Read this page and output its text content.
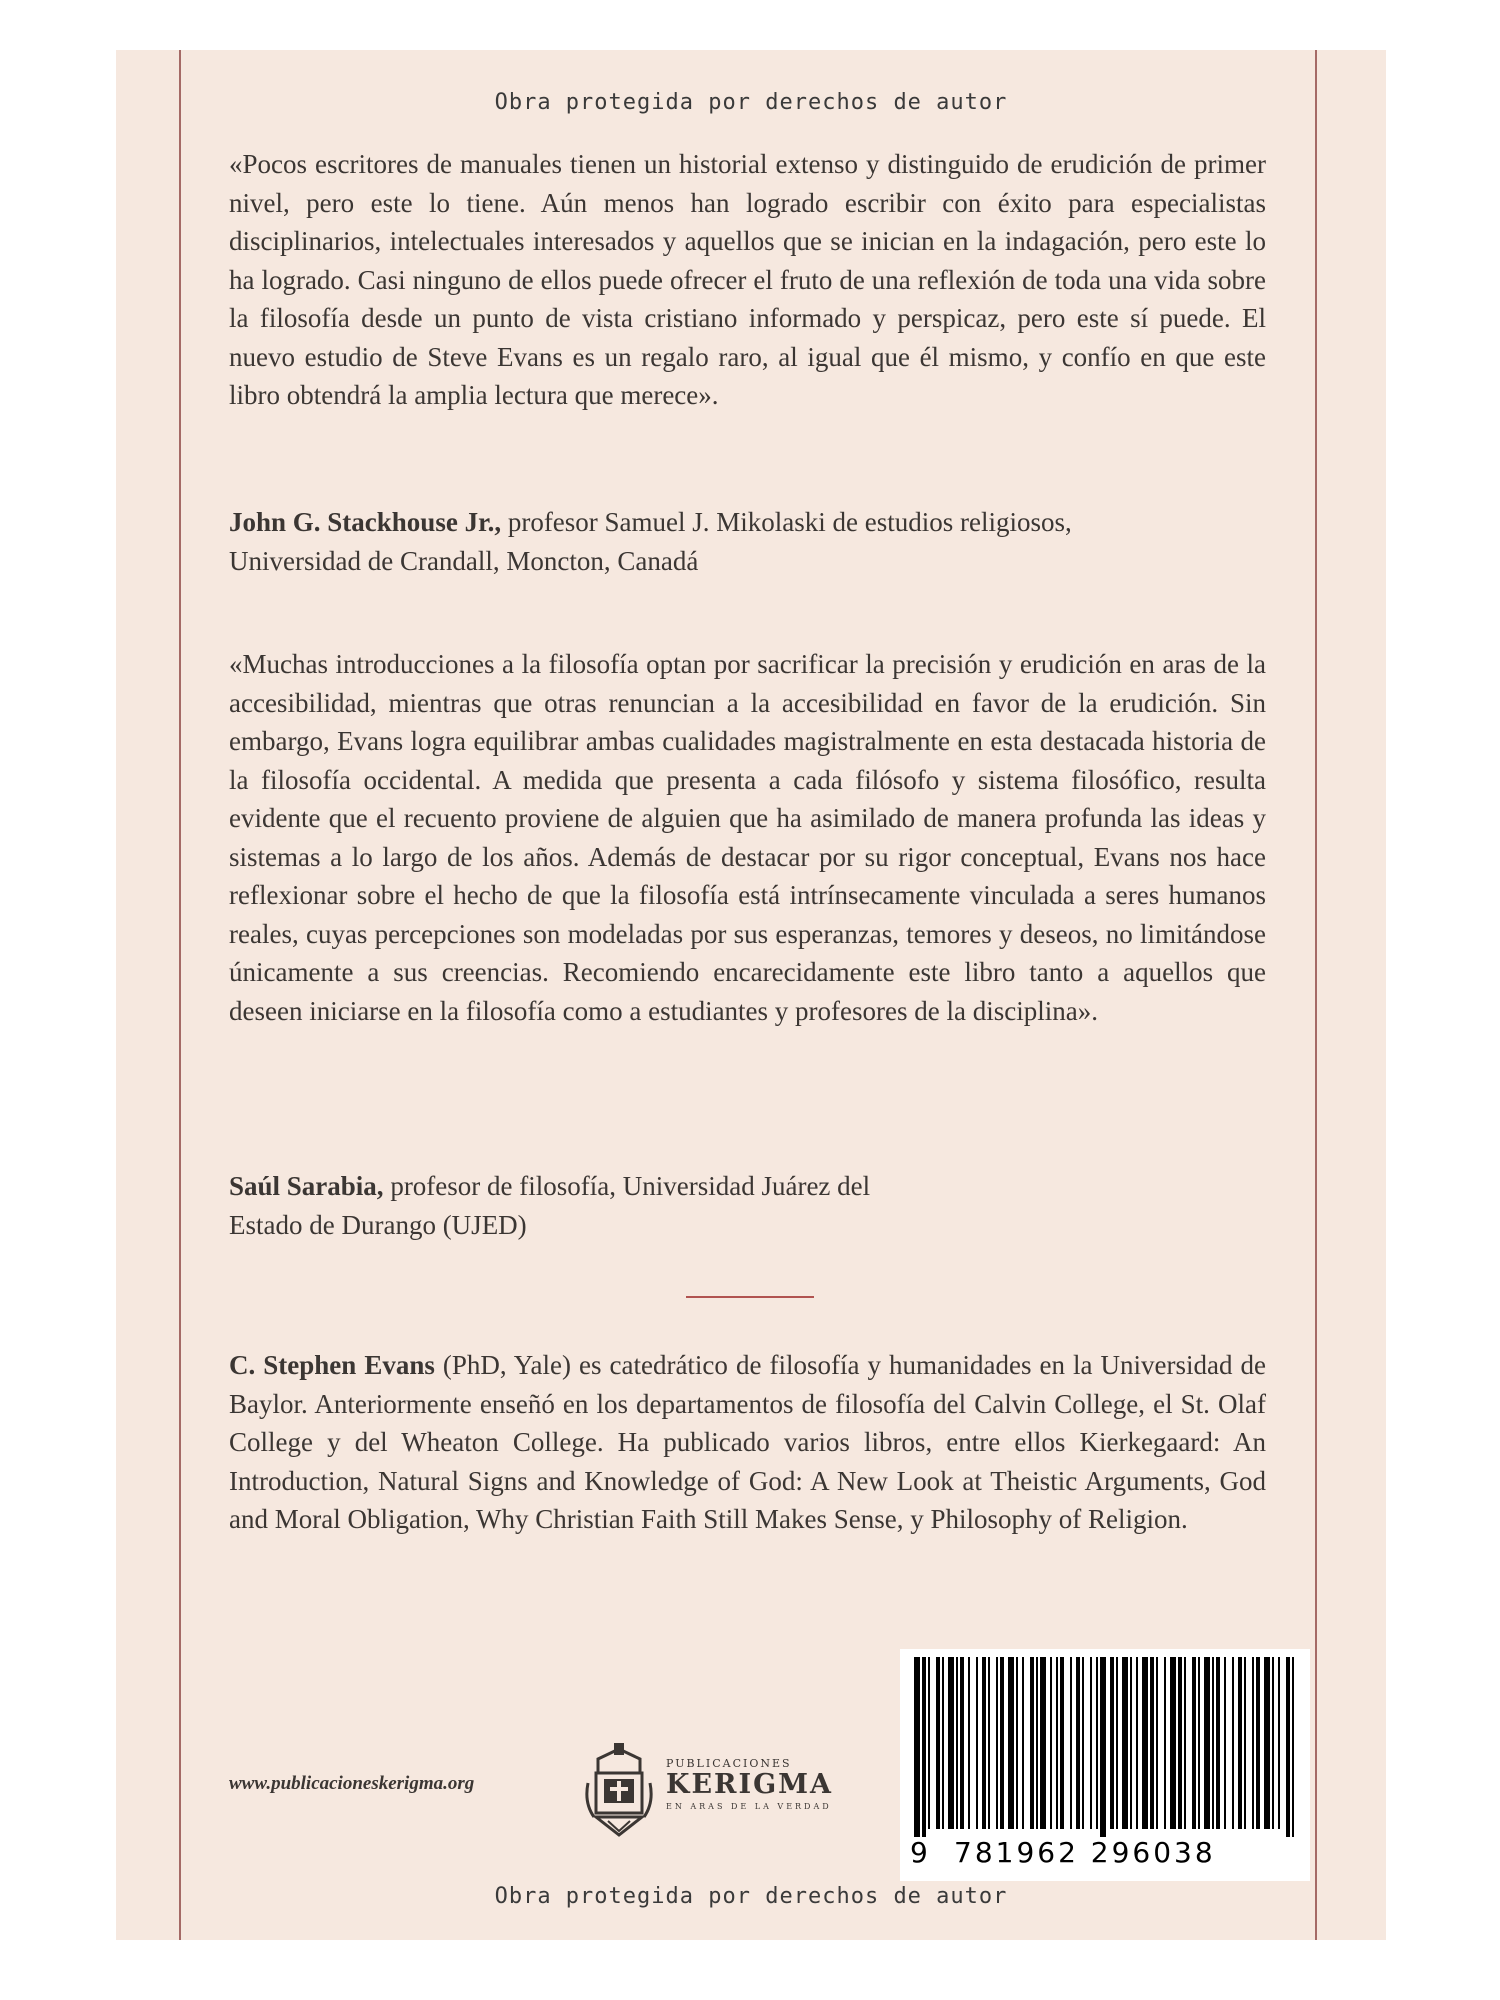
Obra protegida por derechos de autor

«Pocos escritores de manuales tienen un historial extenso y distinguido de erudición de primer nivel, pero este lo tiene. Aún menos han logrado escribir con éxito para especialistas disciplinarios, intelectuales interesados y aquellos que se inician en la indagación, pero este lo ha logrado. Casi ninguno de ellos puede ofrecer el fruto de una reflexión de toda una vida sobre la filosofía desde un punto de vista cristiano informado y perspicaz, pero este sí puede. El nuevo estudio de Steve Evans es un regalo raro, al igual que él mismo, y confío en que este libro obtendrá la amplia lectura que merece».

John G. Stackhouse Jr., profesor Samuel J. Mikolaski de estudios religiosos,

Universidad de Crandall, Moncton, Canadá

«Muchas introducciones a la filosofía optan por sacrificar la precisión y erudición en aras de la accesibilidad, mientras que otras renuncian a la accesibilidad en favor de la erudición. Sin embargo, Evans logra equilibrar ambas cualidades magistralmente en esta destacada historia de la filosofía occidental. A medida que presenta a cada filósofo y sistema filosófico, resulta evidente que el recuento proviene de alguien que ha asimilado de manera profunda las ideas y sistemas a lo largo de los años. Además de destacar por su rigor conceptual, Evans nos hace reflexionar sobre el hecho de que la filosofía está intrínsecamente vinculada a seres humanos reales, cuyas percepciones son modeladas por sus esperanzas, temores y deseos, no limitándose únicamente a sus creencias. Recomiendo encarecidamente este libro tanto a aquellos que deseen iniciarse en la filosofía como a estudiantes y profesores de la disciplina».

Saúl Sarabia, profesor de filosofía, Universidad Juárez del

Estado de Durango (UJED)

C. Stephen Evans (PhD, Yale) es catedrático de filosofía y humanidades en la Universidad de Baylor. Anteriormente enseñó en los departamentos de filosofía del Calvin College, el St. Olaf College y del Wheaton College. Ha publicado varios libros, entre ellos Kierkegaard: An Introduction, Natural Signs and Knowledge of God: A New Look at Theistic Arguments, God and Moral Obligation, Why Christian Faith Still Makes Sense, y Philosophy of Religion.

www.publicacioneskerigma.org
PUBLICACIONES
KERIGMA
EN ARAS DE LA VERDAD
9 781962 296038
Obra protegida por derechos de autor
